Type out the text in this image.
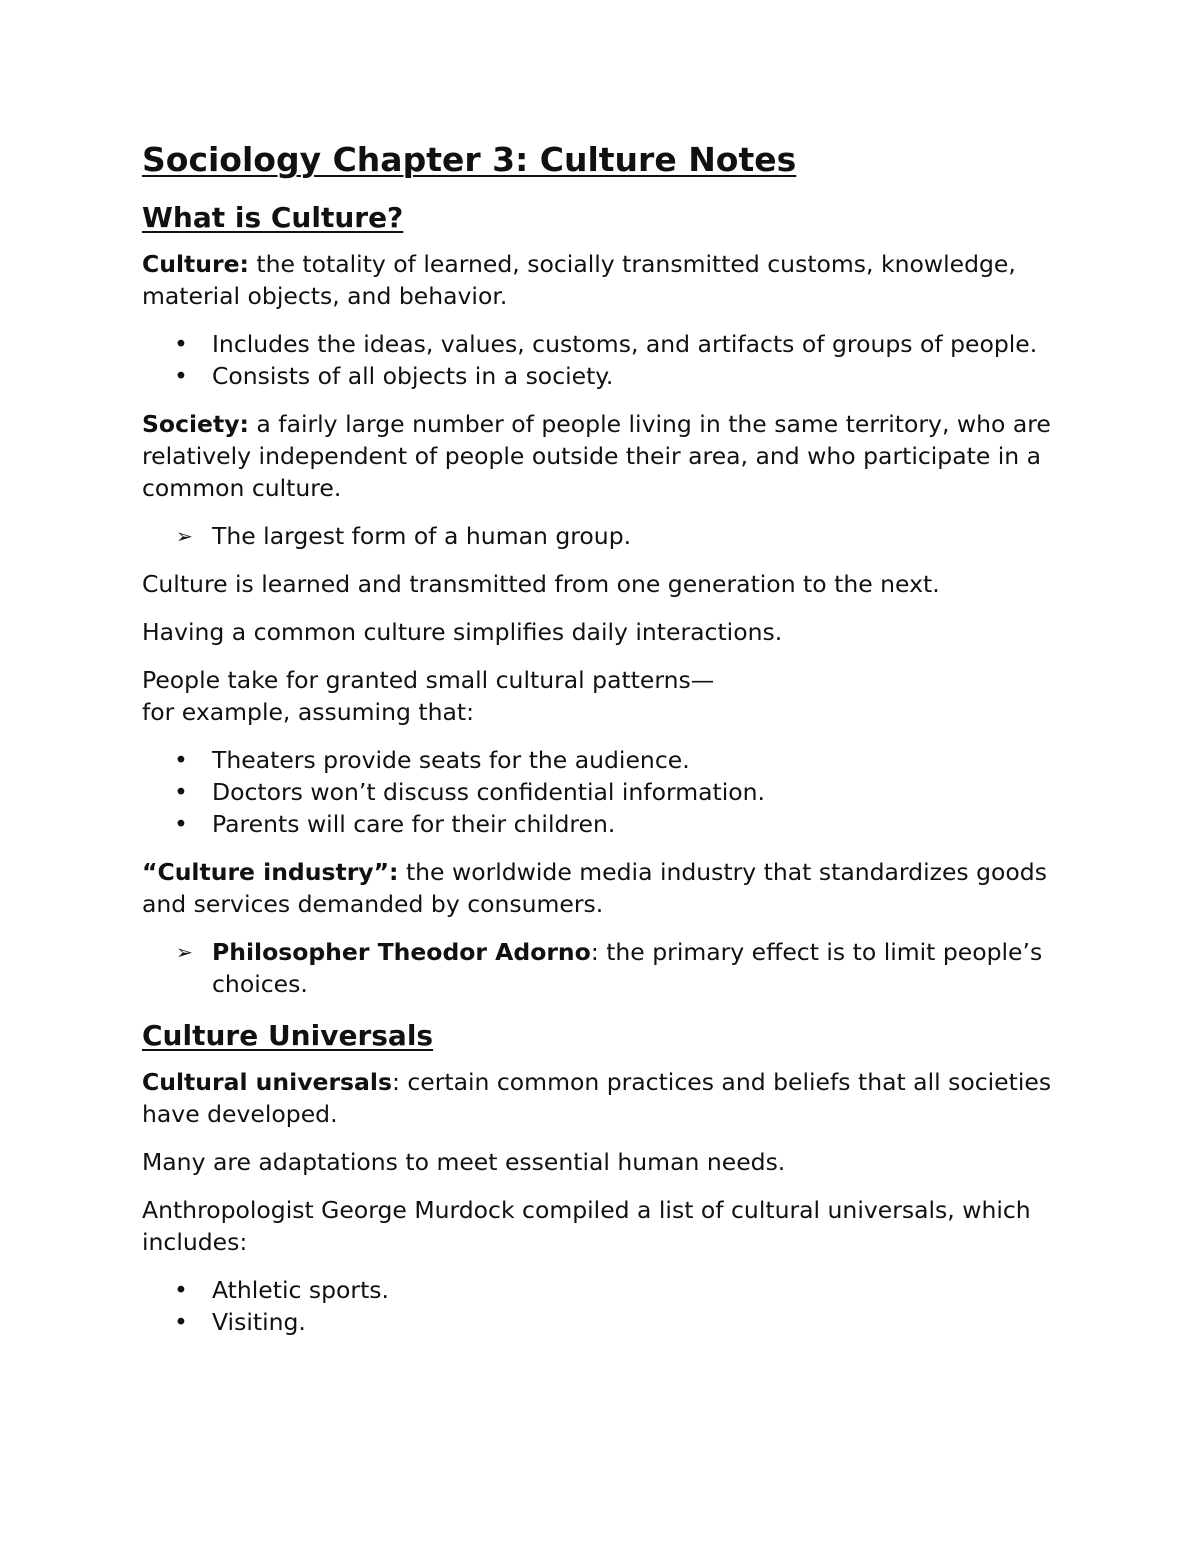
Sociology Chapter 3: Culture Notes
What is Culture?

Culture: the totality of learned, socially transmitted customs, knowledge, material objects, and behavior.

•	Includes the ideas, values, customs, and artifacts of groups of people.
•	Consists of all objects in a society.

Society: a fairly large number of people living in the same territory, who are relatively independent of people outside their area, and who participate in a common culture.

➢ The largest form of a human group.

Culture is learned and transmitted from one generation to the next.

Having a common culture simplifies daily interactions.

People take for granted small cultural patterns—
for example, assuming that:

•	Theaters provide seats for the audience.
•	Doctors won’t discuss confidential information.
•	Parents will care for their children.

“Culture industry”: the worldwide media industry that standardizes goods and services demanded by consumers.

➢ Philosopher Theodor Adorno: the primary effect is to limit people’s choices.
Culture Universals

Cultural universals: certain common practices and beliefs that all societies have developed.

Many are adaptations to meet essential human needs.

Anthropologist George Murdock compiled a list of cultural universals, which includes:

•	Athletic sports.
•	Visiting.
